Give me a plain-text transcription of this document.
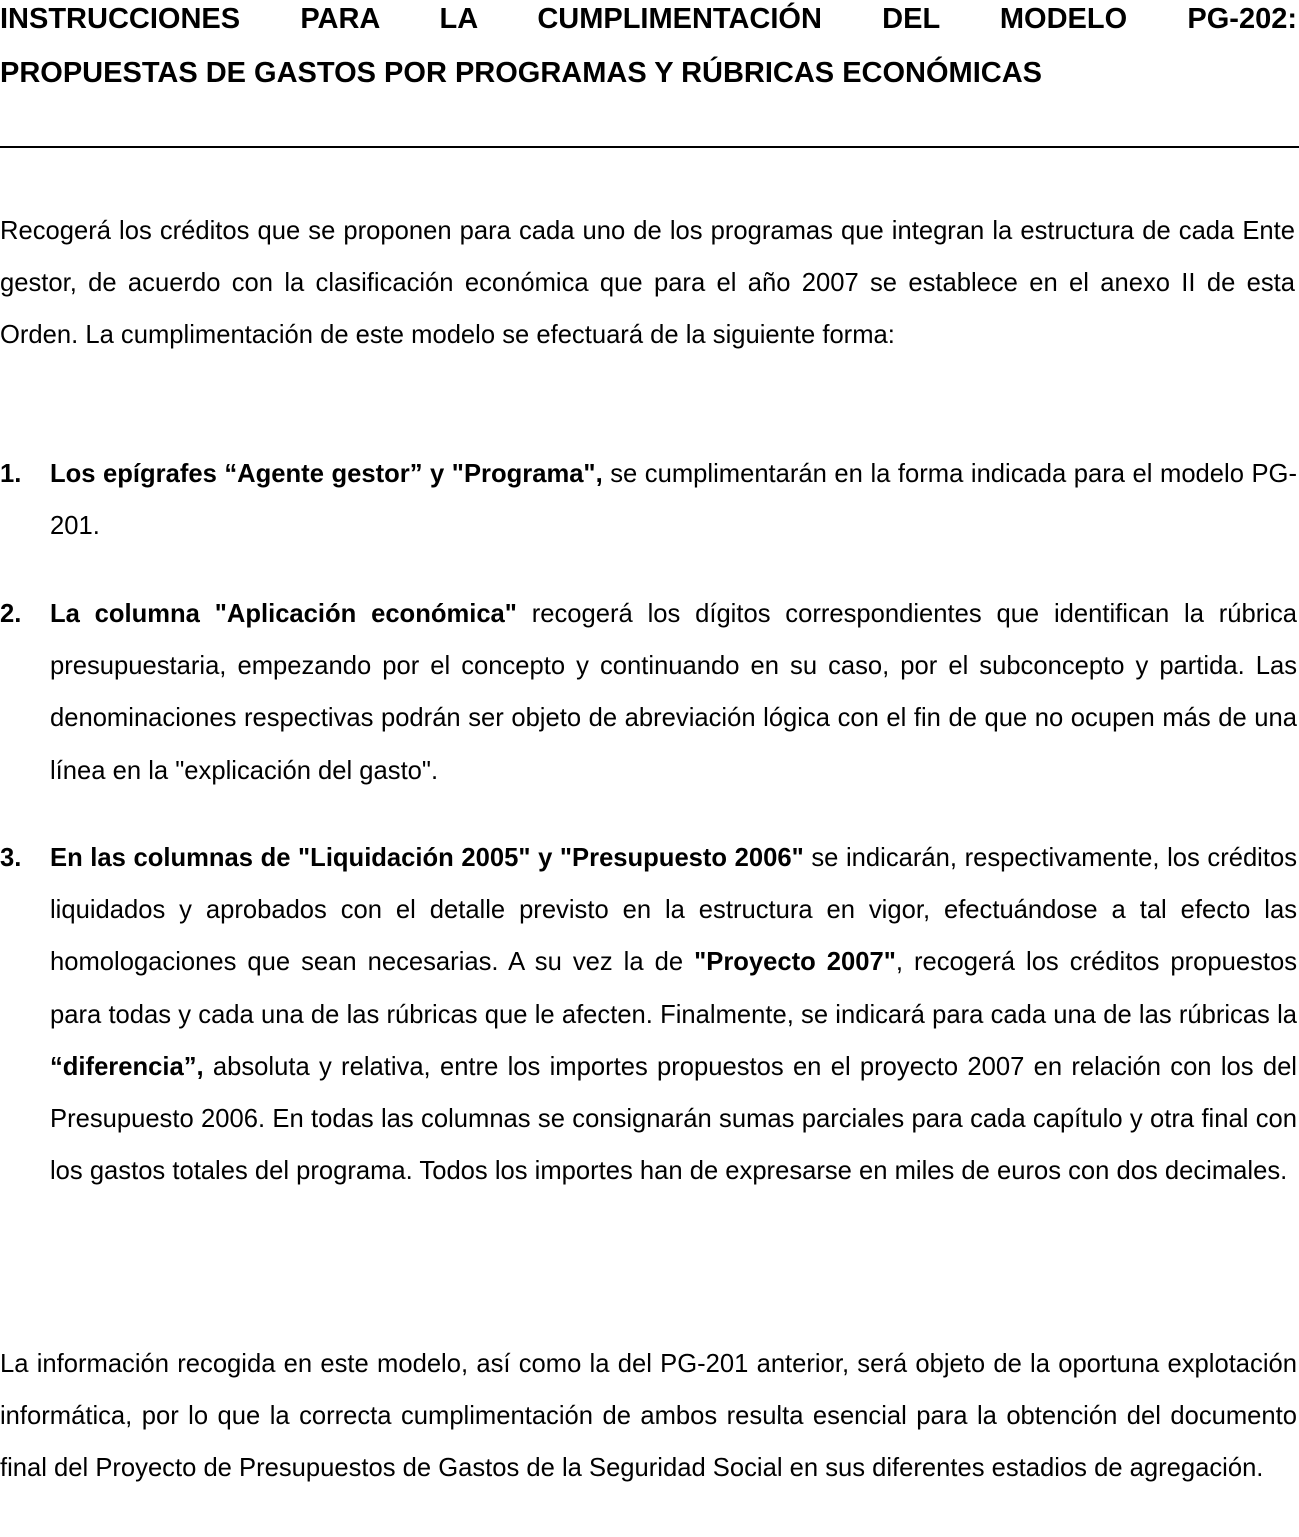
INSTRUCCIONES PARA LA CUMPLIMENTACIÓN DEL MODELO PG-202:

PROPUESTAS DE GASTOS POR PROGRAMAS Y RÚBRICAS ECONÓMICAS

Recogerá los créditos que se proponen para cada uno de los programas que integran la estructura de cada Ente gestor, de acuerdo con la clasificación económica que para el año 2007 se establece en el anexo II de esta Orden. La cumplimentación de este modelo se efectuará de la siguiente forma:

1. Los epígrafes “Agente gestor” y "Programa", se cumplimentarán en la forma indicada para el modelo PG-201.

2. La columna "Aplicación económica" recogerá los dígitos correspondientes que identifican la rúbrica presupuestaria, empezando por el concepto y continuando en su caso, por el subconcepto y partida. Las denominaciones respectivas podrán ser objeto de abreviación lógica con el fin de que no ocupen más de una línea en la "explicación del gasto".

3. En las columnas de "Liquidación 2005" y "Presupuesto 2006" se indicarán, respectivamente, los créditos liquidados y aprobados con el detalle previsto en la estructura en vigor, efectuándose a tal efecto las homologaciones que sean necesarias. A su vez la de "Proyecto 2007", recogerá los créditos propuestos para todas y cada una de las rúbricas que le afecten. Finalmente, se indicará para cada una de las rúbricas la “diferencia”, absoluta y relativa, entre los importes propuestos en el proyecto 2007 en relación con los del Presupuesto 2006. En todas las columnas se consignarán sumas parciales para cada capítulo y otra final con los gastos totales del programa. Todos los importes han de expresarse en miles de euros con dos decimales.

La información recogida en este modelo, así como la del PG-201 anterior, será objeto de la oportuna explotación informática, por lo que la correcta cumplimentación de ambos resulta esencial para la obtención del documento final del Proyecto de Presupuestos de Gastos de la Seguridad Social en sus diferentes estadios de agregación.
